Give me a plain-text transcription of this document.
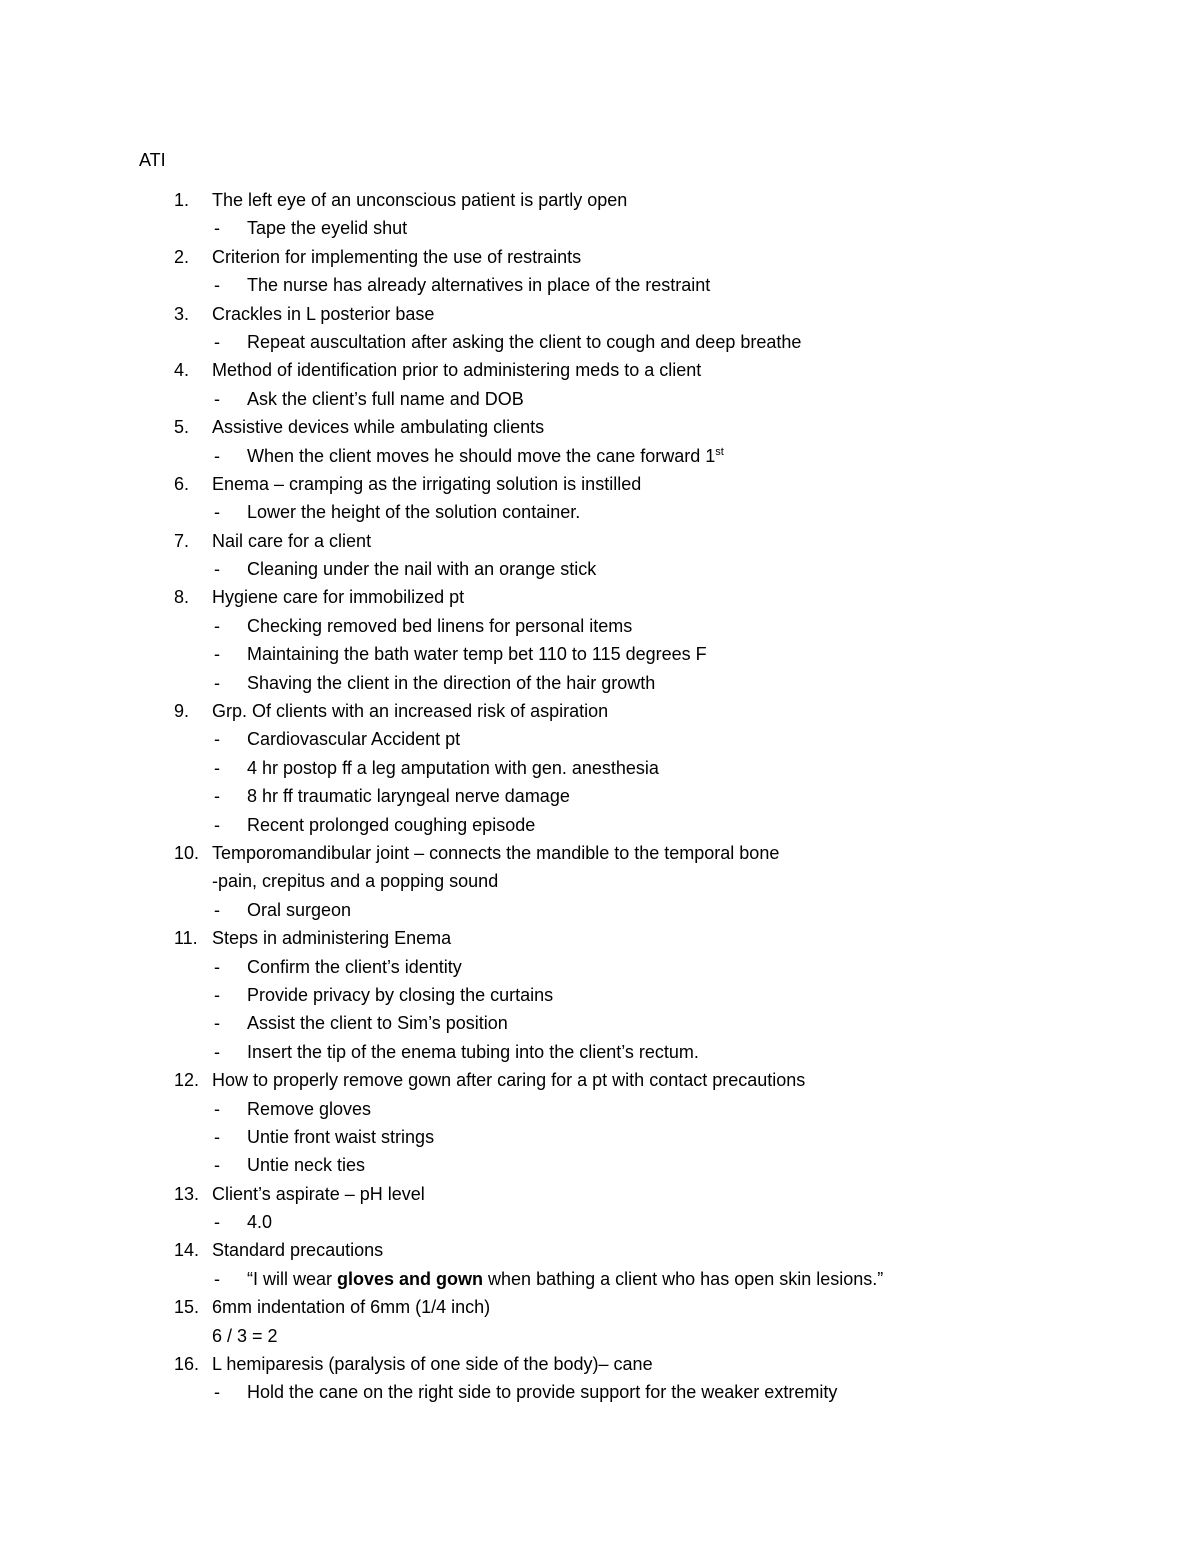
ATI
1. The left eye of an unconscious patient is partly open
- Tape the eyelid shut
2. Criterion for implementing the use of restraints
- The nurse has already alternatives in place of the restraint
3. Crackles in L posterior base
- Repeat auscultation after asking the client to cough and deep breathe
4. Method of identification prior to administering meds to a client
- Ask the client’s full name and DOB
5. Assistive devices while ambulating clients
- When the client moves he should move the cane forward 1st
6. Enema – cramping as the irrigating solution is instilled
- Lower the height of the solution container.
7. Nail care for a client
- Cleaning under the nail with an orange stick
8. Hygiene care for immobilized pt
- Checking removed bed linens for personal items
- Maintaining the bath water temp bet 110 to 115 degrees F
- Shaving the client in the direction of the hair growth
9. Grp. Of clients with an increased risk of aspiration
- Cardiovascular Accident pt
- 4 hr postop ff a leg amputation with gen. anesthesia
- 8 hr ff traumatic laryngeal nerve damage
- Recent prolonged coughing episode
10. Temporomandibular joint – connects the mandible to the temporal bone
-pain, crepitus and a popping sound
- Oral surgeon
11. Steps in administering Enema
- Confirm the client’s identity
- Provide privacy by closing the curtains
- Assist the client to Sim’s position
- Insert the tip of the enema tubing into the client’s rectum.
12. How to properly remove gown after caring for a pt with contact precautions
- Remove gloves
- Untie front waist strings
- Untie neck ties
13. Client’s aspirate – pH level
- 4.0
14. Standard precautions
- “I will wear gloves and gown when bathing a client who has open skin lesions.”
15. 6mm indentation of 6mm (1/4 inch)
6 / 3 = 2
16. L hemiparesis (paralysis of one side of the body)– cane
- Hold the cane on the right side to provide support for the weaker extremity
